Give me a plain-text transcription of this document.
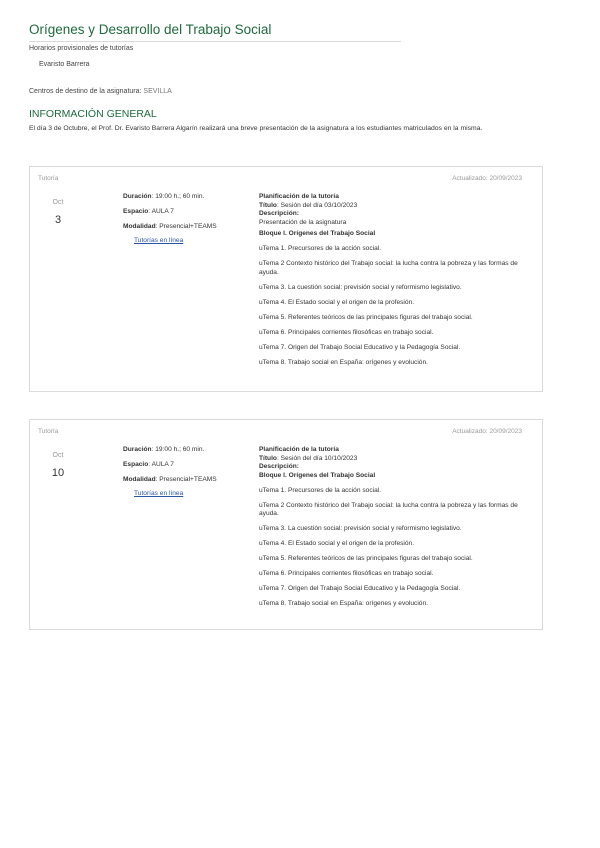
Orígenes y Desarrollo del Trabajo Social
Horarios provisionales de tutorías
Evaristo Barrera
Centros de destino de la asignatura: SEVILLA
INFORMACIÓN GENERAL
El día 3 de Octubre, el Prof. Dr. Evaristo Barrera Algarín realizará una breve presentación de la asignatura a los estudiantes matriculados en la misma.
Tutoría	Actualizado: 20/09/2023
Oct
3
Duración: 19:00 h.; 60 min.
Espacio: AULA 7
Modalidad: Presencial+TEAMS
Tutorías en línea
Planificación de la tutoría
Título: Sesión del día 03/10/2023
Descripción:
Presentación de la asignatura
Bloque I. Orígenes del Trabajo Social
uTema 1. Precursores de la acción social.
uTema 2 Contexto histórico del Trabajo social: la lucha contra la pobreza y las formas de ayuda.
uTema 3. La cuestión social: previsión social y reformismo legislativo.
uTema 4. El Estado social y el origen de la profesión.
uTema 5. Referentes teóricos de las principales figuras del trabajo social.
uTema 6. Principales corrientes filosóficas en trabajo social.
uTema 7. Origen del Trabajo Social Educativo y la Pedagogía Social.
uTema 8. Trabajo social en España: orígenes y evolución.
Tutoría	Actualizado: 20/09/2023
Oct
10
Duración: 19:00 h.; 60 min.
Espacio: AULA 7
Modalidad: Presencial+TEAMS
Tutorías en línea
Planificación de la tutoría
Título: Sesión del día 10/10/2023
Descripción:
Bloque I. Orígenes del Trabajo Social
uTema 1. Precursores de la acción social.
uTema 2 Contexto histórico del Trabajo social: la lucha contra la pobreza y las formas de ayuda.
uTema 3. La cuestión social: previsión social y reformismo legislativo.
uTema 4. El Estado social y el origen de la profesión.
uTema 5. Referentes teóricos de las principales figuras del trabajo social.
uTema 6. Principales corrientes filosóficas en trabajo social.
uTema 7. Origen del Trabajo Social Educativo y la Pedagogía Social.
uTema 8. Trabajo social en España: orígenes y evolución.
